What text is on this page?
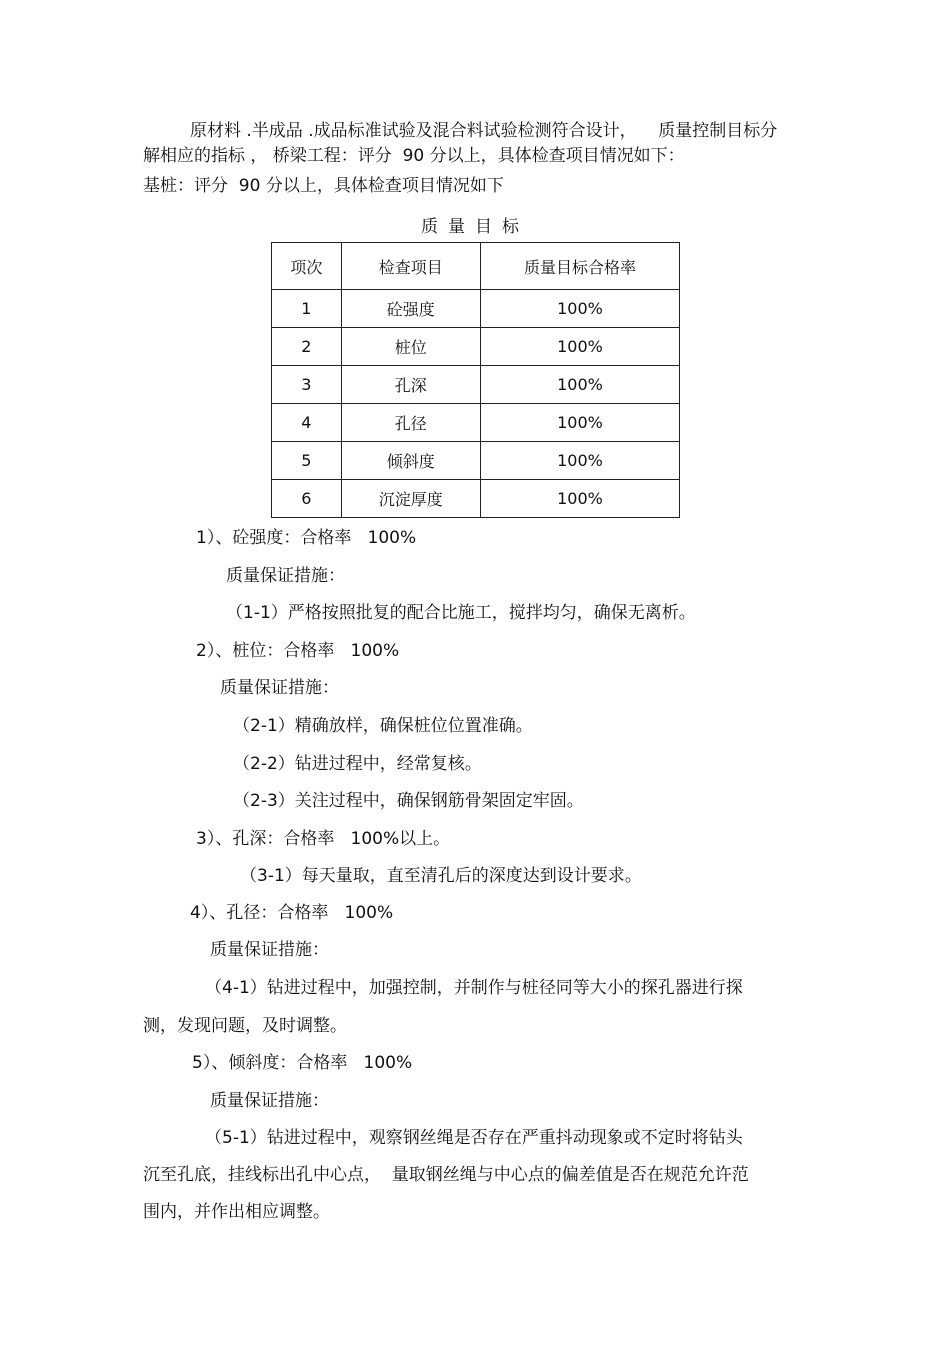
原材料 .半成品 .成品标准试验及混合料试验检测符合设计，    质量控制目标分
解相应的指标 ， 桥梁工程：评分  90 分以上，具体检查项目情况如下：
基桩：评分  90 分以上，具体检查项目情况如下
质量目标
项次	检查项目	质量目标合格率
1	砼强度	100%
2	桩位	100%
3	孔深	100%
4	孔径	100%
5	倾斜度	100%
6	沉淀厚度	100%
1）、砼强度：合格率   100%
质量保证措施：
（1-1）严格按照批复的配合比施工，搅拌均匀，确保无离析。
2）、桩位：合格率   100%
质量保证措施：
（2-1）精确放样，确保桩位位置准确。
（2-2）钻进过程中，经常复核。
（2-3）关注过程中，确保钢筋骨架固定牢固。
3）、孔深：合格率   100%以上。
（3-1）每天量取，直至清孔后的深度达到设计要求。
4）、孔径：合格率   100%
质量保证措施：
（4-1）钻进过程中，加强控制，并制作与桩径同等大小的探孔器进行探
测，发现问题，及时调整。
5）、倾斜度：合格率   100%
质量保证措施：
（5-1）钻进过程中，观察钢丝绳是否存在严重抖动现象或不定时将钻头
沉至孔底，挂线标出孔中心点，  量取钢丝绳与中心点的偏差值是否在规范允许范
围内，并作出相应调整。
